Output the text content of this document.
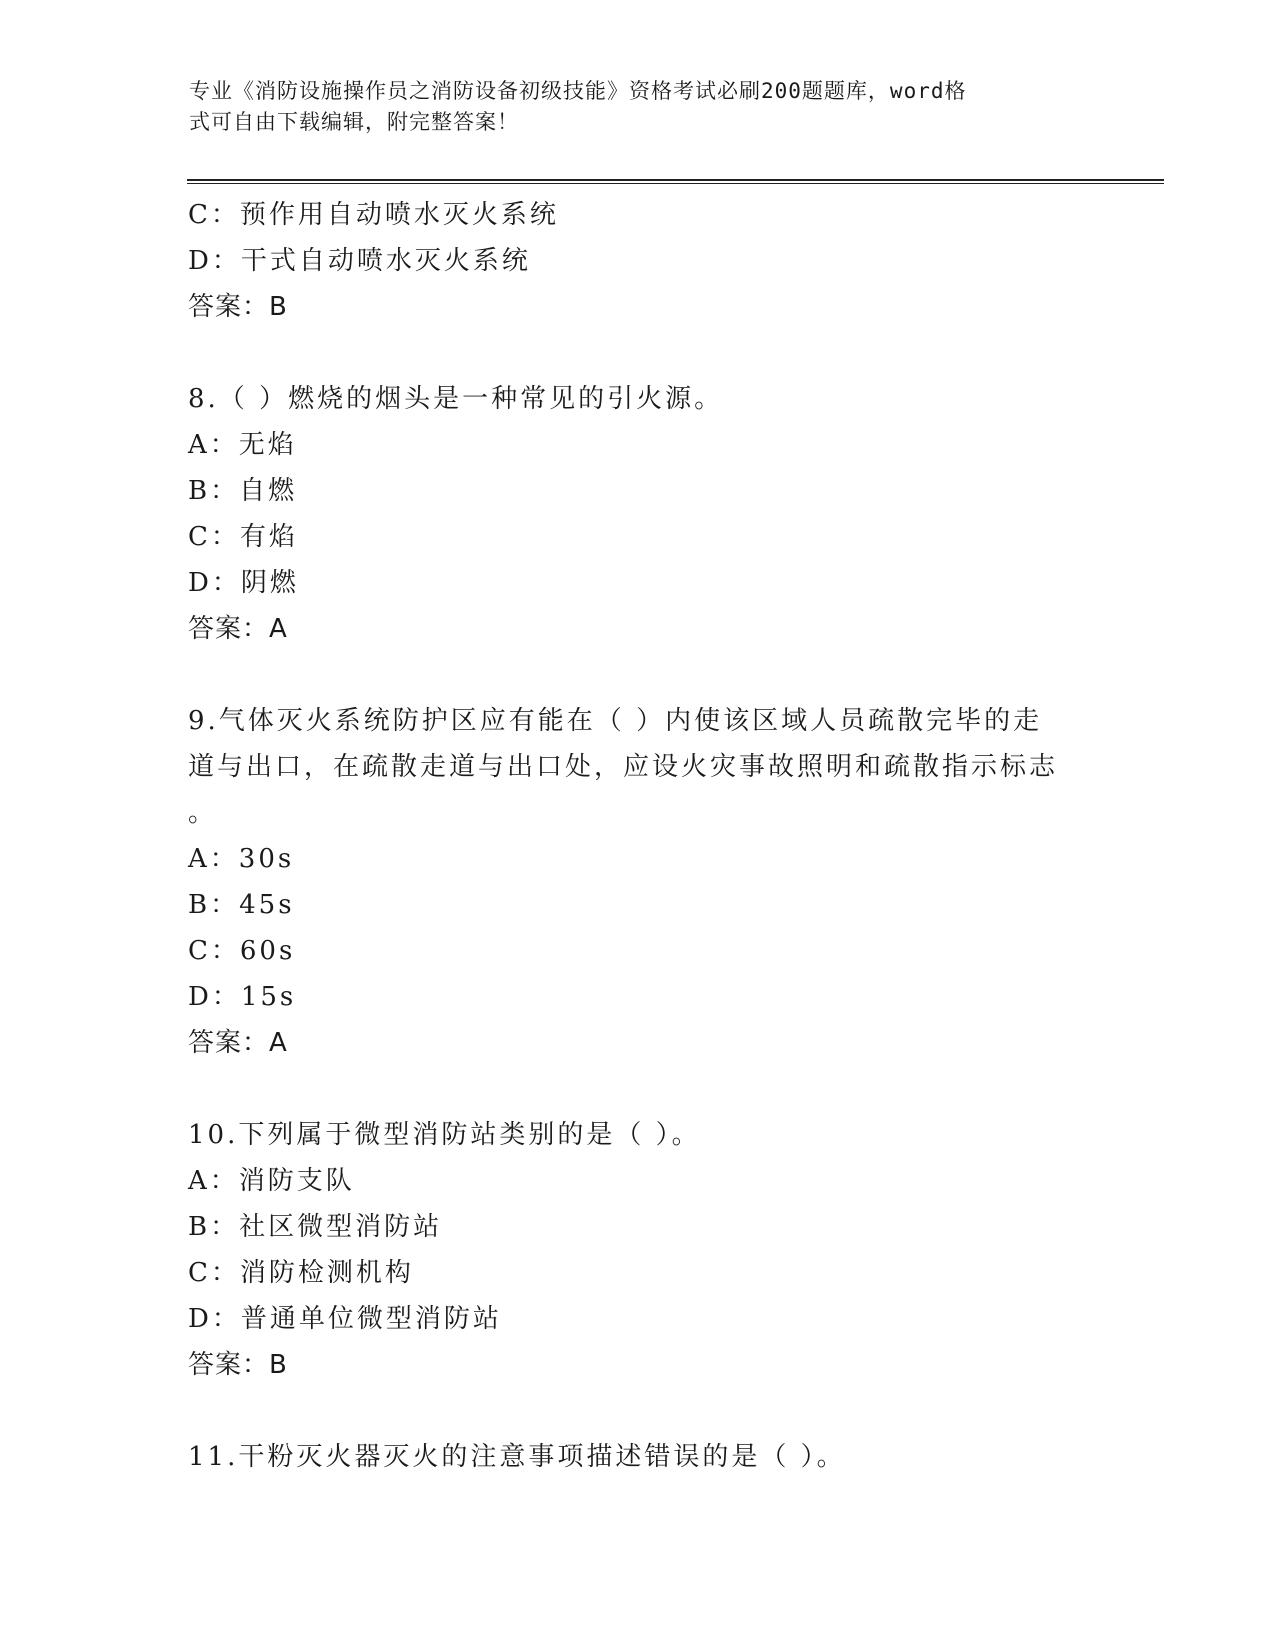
专业《消防设施操作员之消防设备初级技能》资格考试必刷200题题库，word格
式可自由下载编辑，附完整答案！
C：预作用自动喷水灭火系统
D：干式自动喷水灭火系统
答案：B
8.（ ）燃烧的烟头是一种常见的引火源。
A：无焰
B：自燃
C：有焰
D：阴燃
答案：A
9.气体灭火系统防护区应有能在（ ）内使该区域人员疏散完毕的走
道与出口，在疏散走道与出口处，应设火灾事故照明和疏散指示标志
。
A：30s
B：45s
C：60s
D：15s
答案：A
10.下列属于微型消防站类别的是（ ）。
A：消防支队
B：社区微型消防站
C：消防检测机构
D：普通单位微型消防站
答案：B
11.干粉灭火器灭火的注意事项描述错误的是（ ）。
